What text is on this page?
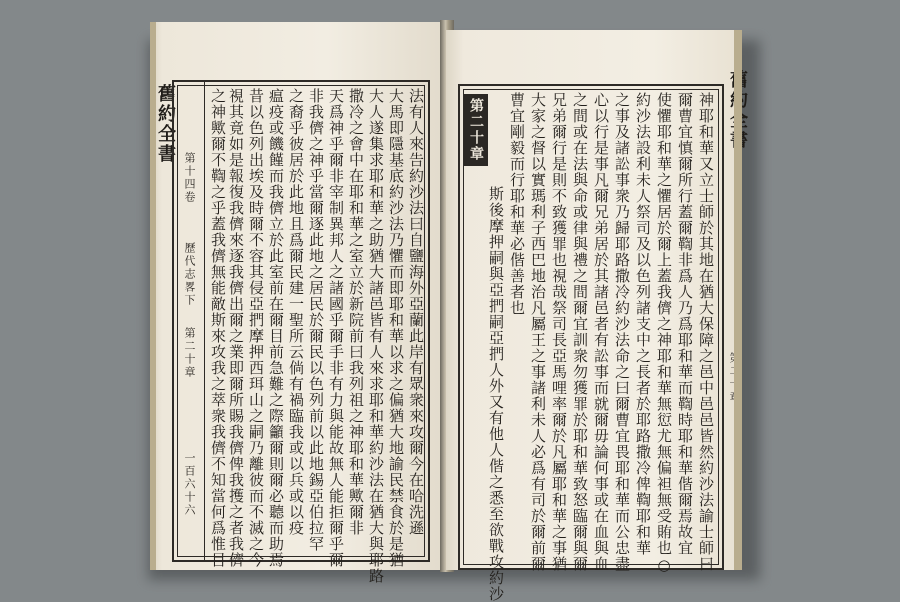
舊約全書
第十四卷
歷代志畧下
第二十章
一百六十六	法有人來告約沙法曰自鹽海外亞蘭此岸有眾衆來攻爾今在哈洗遜
大馬即隱基底約沙法乃懼而即耶和華以求之偏猶大地諭民禁食於是猶
大人遂集求耶和華之助猶大諸邑皆有人來求耶和華約沙法在猶大與耶路
撒冷之會中在耶和華之室立於新院前曰我列祖之神耶和華歟爾非
天爲神乎爾非宰制異邦人之諸國乎爾手非有力與能故無人能拒爾乎爾
非我儕之神乎當爾逐此地之居民於爾民以色列前以此地錫亞伯拉罕
之裔乎彼居於此地且爲爾民建一聖所云倘有禍臨我或以兵或以疫
瘟疫或饑饉而我儕立於此室前在爾目前急難之際籲爾則爾必聽而助焉
昔以色列出埃及時爾不容其侵亞捫摩押西珥山之嗣乃離彼而不滅之今
視其竟如是報復我儕來逐我儕出爾之業即爾所賜我儕俾我擭之者我儕
之神歟爾不鞫之乎蓋我儕無能敵斯來攻我之萃衆我儕不知當何爲惟目	神耶和華又立士師於其地在猶大保障之邑中邑邑皆然約沙法諭士師曰
爾曹宜慎爾所行蓋爾鞫非爲人乃爲耶和華而鞫時耶和華偕爾焉故宜
使懼耶和華之懼居於爾上蓋我儕之神耶和華無愆尤無偏袒無受賄也○
約沙法設利未人祭司及以色列諸支中之長者於耶路撒冷俾鞫耶和華
之事及諸訟事衆乃歸耶路撒冷約沙法命之曰爾曹宜畏耶和華而公忠盡
心以行是事凡爾兄弟居於其諸邑者有訟事而就爾毋論何事或在血與血
之間或在法與命或律與禮之間爾宜訓衆勿獲罪於耶和華致怒臨爾與爾
兄弟爾行是則不致獲罪也視哉祭司長亞馬哩率爾於凡屬耶和華之事猶
大家之督以實瑪利子西巴地治凡屬王之事諸利未人必爲有司於爾前爾
曹宜剛毅而行耶和華必偕善者也
第二十章
斯後摩押嗣與亞捫嗣亞捫人外又有他人偕之悉至欲戰攻約沙
